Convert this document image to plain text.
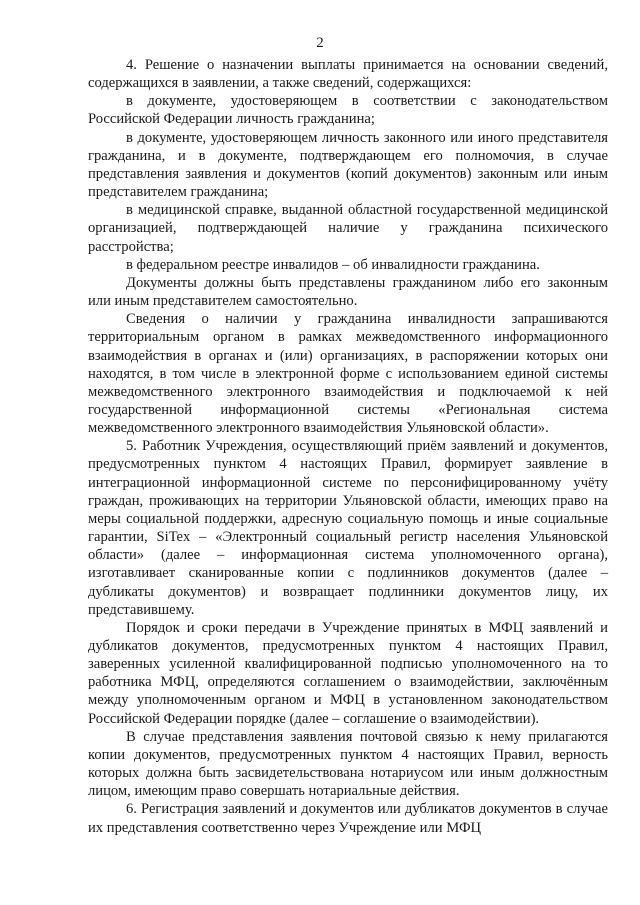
2

4. Решение о назначении выплаты принимается на основании сведений, содержащихся в заявлении, а также сведений, содержащихся:

в документе, удостоверяющем в соответствии с законодательством Российской Федерации личность гражданина;

в документе, удостоверяющем личность законного или иного представителя гражданина, и в документе, подтверждающем его полномочия, в случае представления заявления и документов (копий документов) законным или иным представителем гражданина;

в медицинской справке, выданной областной государственной медицинской организацией, подтверждающей наличие у гражданина психического расстройства;

в федеральном реестре инвалидов – об инвалидности гражданина.

Документы должны быть представлены гражданином либо его законным или иным представителем самостоятельно.

Сведения о наличии у гражданина инвалидности запрашиваются территориальным органом в рамках межведомственного информационного взаимодействия в органах и (или) организациях, в распоряжении которых они находятся, в том числе в электронной форме с использованием единой системы межведомственного электронного взаимодействия и подключаемой к ней государственной информационной системы «Региональная система межведомственного электронного взаимодействия Ульяновской области».

5. Работник Учреждения, осуществляющий приём заявлений и документов, предусмотренных пунктом 4 настоящих Правил, формирует заявление в интеграционной информационной системе по персонифицированному учёту граждан, проживающих на территории Ульяновской области, имеющих право на меры социальной поддержки, адресную социальную помощь и иные социальные гарантии, SiTex – «Электронный социальный регистр населения Ульяновской области» (далее – информационная система уполномоченного органа), изготавливает сканированные копии с подлинников документов (далее – дубликаты документов) и возвращает подлинники документов лицу, их представившему.

Порядок и сроки передачи в Учреждение принятых в МФЦ заявлений и дубликатов документов, предусмотренных пунктом 4 настоящих Правил, заверенных усиленной квалифицированной подписью уполномоченного на то работника МФЦ, определяются соглашением о взаимодействии, заключённым между уполномоченным органом и МФЦ в установленном законодательством Российской Федерации порядке (далее – соглашение о взаимодействии).

В случае представления заявления почтовой связью к нему прилагаются копии документов, предусмотренных пунктом 4 настоящих Правил, верность которых должна быть засвидетельствована нотариусом или иным должностным лицом, имеющим право совершать нотариальные действия.

6. Регистрация заявлений и документов или дубликатов документов в случае их представления соответственно через Учреждение или МФЦ
